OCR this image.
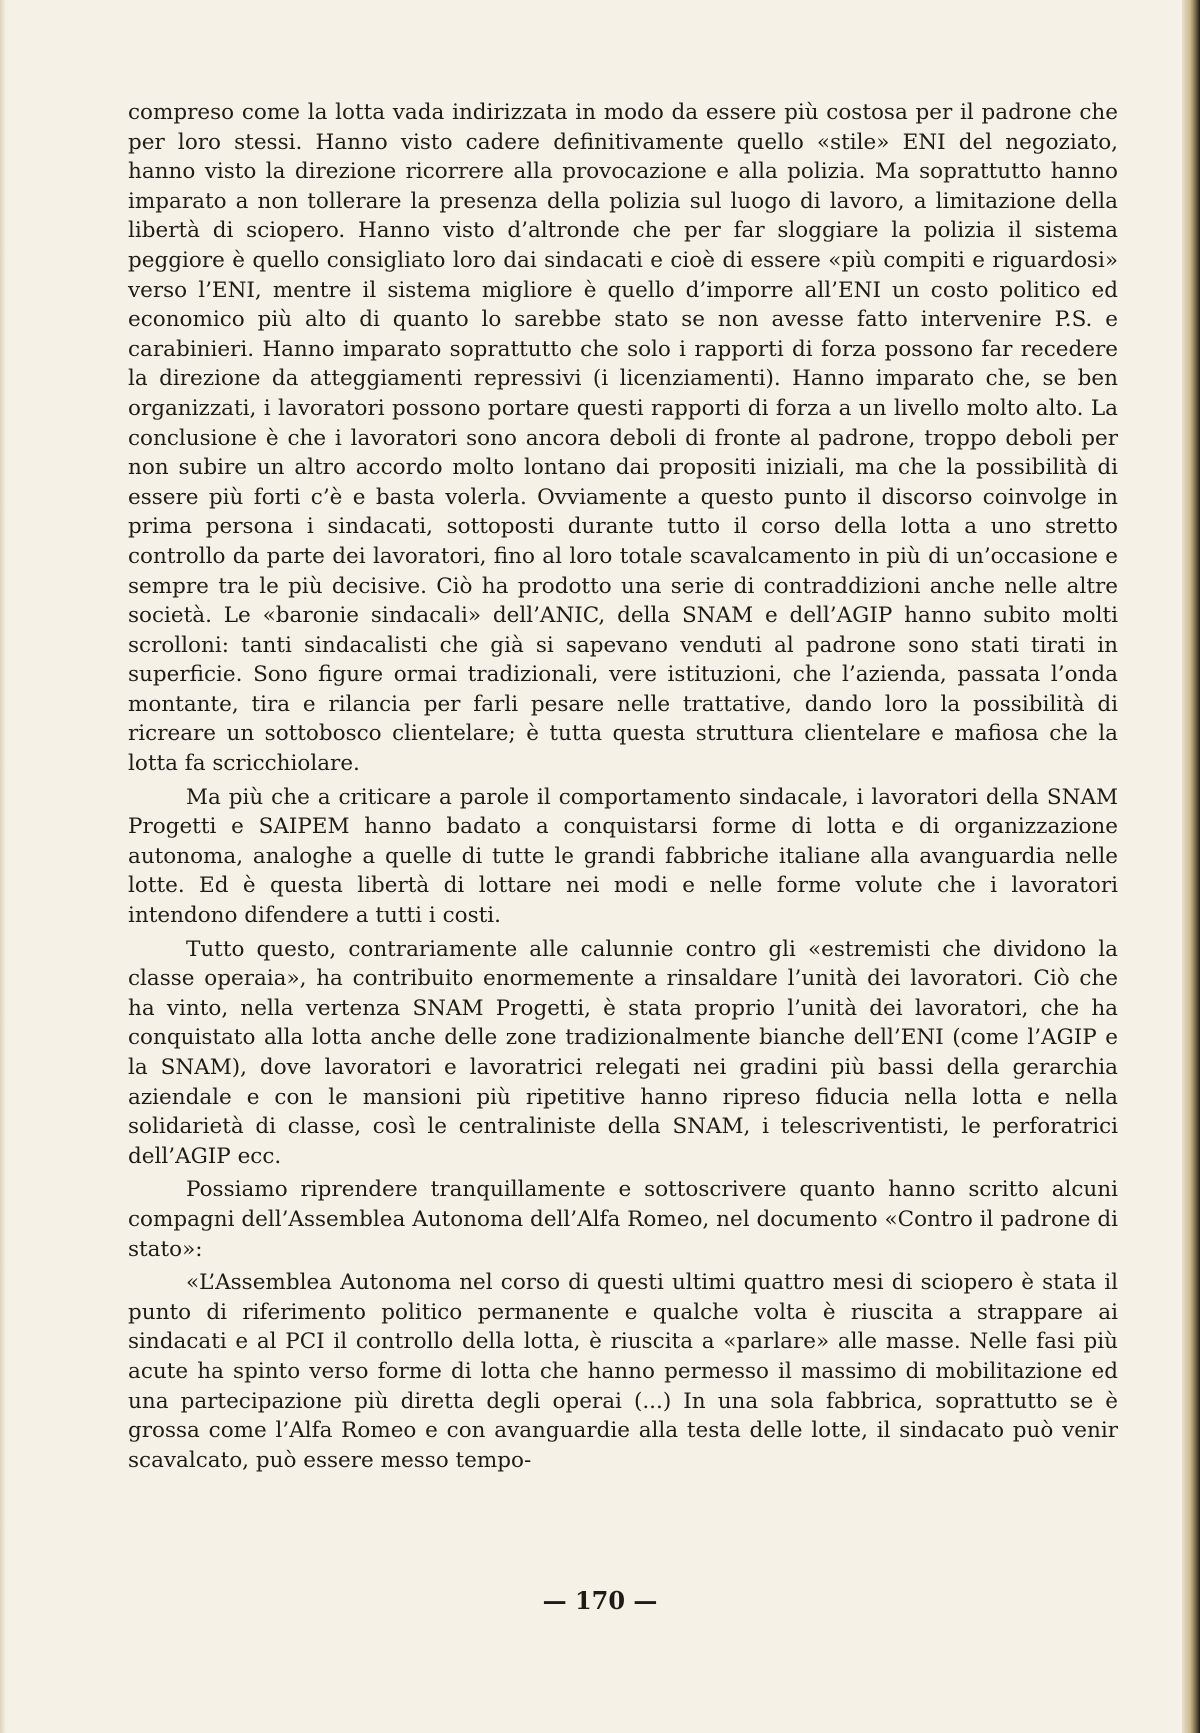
compreso come la lotta vada indirizzata in modo da essere più costosa per il padrone che per loro stessi. Hanno visto cadere definitivamente quello «stile» ENI del negoziato, hanno visto la direzione ricorrere alla provocazione e alla polizia. Ma soprattutto hanno imparato a non tollerare la presenza della polizia sul luogo di lavoro, a limitazione della libertà di sciopero. Hanno visto d’altronde che per far sloggiare la polizia il sistema peggiore è quello consigliato loro dai sindacati e cioè di essere «più compiti e riguardosi» verso l’ENI, mentre il sistema migliore è quello d’imporre all’ENI un costo politico ed economico più alto di quanto lo sarebbe stato se non avesse fatto intervenire P.S. e carabinieri. Hanno imparato soprattutto che solo i rapporti di forza possono far recedere la direzione da atteggiamenti repressivi (i licenziamenti). Hanno imparato che, se ben organizzati, i lavoratori possono portare questi rapporti di forza a un livello molto alto. La conclusione è che i lavoratori sono ancora deboli di fronte al padrone, troppo deboli per non subire un altro accordo molto lontano dai propositi iniziali, ma che la possibilità di essere più forti c’è e basta volerla. Ovviamente a questo punto il discorso coinvolge in prima persona i sindacati, sottoposti durante tutto il corso della lotta a uno stretto controllo da parte dei lavoratori, fino al loro totale scavalcamento in più di un’occasione e sempre tra le più decisive. Ciò ha prodotto una serie di contraddizioni anche nelle altre società. Le «baronie sindacali» dell’ANIC, della SNAM e dell’AGIP hanno subito molti scrolloni: tanti sindacalisti che già si sapevano venduti al padrone sono stati tirati in superficie. Sono figure ormai tradizionali, vere istituzioni, che l’azienda, passata l’onda montante, tira e rilancia per farli pesare nelle trattative, dando loro la possibilità di ricreare un sottobosco clientelare; è tutta questa struttura clientelare e mafiosa che la lotta fa scricchiolare.

Ma più che a criticare a parole il comportamento sindacale, i lavoratori della SNAM Progetti e SAIPEM hanno badato a conquistarsi forme di lotta e di organizzazione autonoma, analoghe a quelle di tutte le grandi fabbriche italiane alla avanguardia nelle lotte. Ed è questa libertà di lottare nei modi e nelle forme volute che i lavoratori intendono difendere a tutti i costi.

Tutto questo, contrariamente alle calunnie contro gli «estremisti che dividono la classe operaia», ha contribuito enormemente a rinsaldare l’unità dei lavoratori. Ciò che ha vinto, nella vertenza SNAM Progetti, è stata proprio l’unità dei lavoratori, che ha conquistato alla lotta anche delle zone tradizionalmente bianche dell’ENI (come l’AGIP e la SNAM), dove lavoratori e lavoratrici relegati nei gradini più bassi della gerarchia aziendale e con le mansioni più ripetitive hanno ripreso fiducia nella lotta e nella solidarietà di classe, così le centraliniste della SNAM, i telescriventisti, le perforatrici dell’AGIP ecc.

Possiamo riprendere tranquillamente e sottoscrivere quanto hanno scritto alcuni compagni dell’Assemblea Autonoma dell’Alfa Romeo, nel documento «Contro il padrone di stato»:

«L’Assemblea Autonoma nel corso di questi ultimi quattro mesi di sciopero è stata il punto di riferimento politico permanente e qualche volta è riuscita a strappare ai sindacati e al PCI il controllo della lotta, è riuscita a «parlare» alle masse. Nelle fasi più acute ha spinto verso forme di lotta che hanno permesso il massimo di mobilitazione ed una partecipazione più diretta degli operai (...) In una sola fabbrica, soprattutto se è grossa come l’Alfa Romeo e con avanguardie alla testa delle lotte, il sindacato può venir scavalcato, può essere messo tempo-

— 170 —
